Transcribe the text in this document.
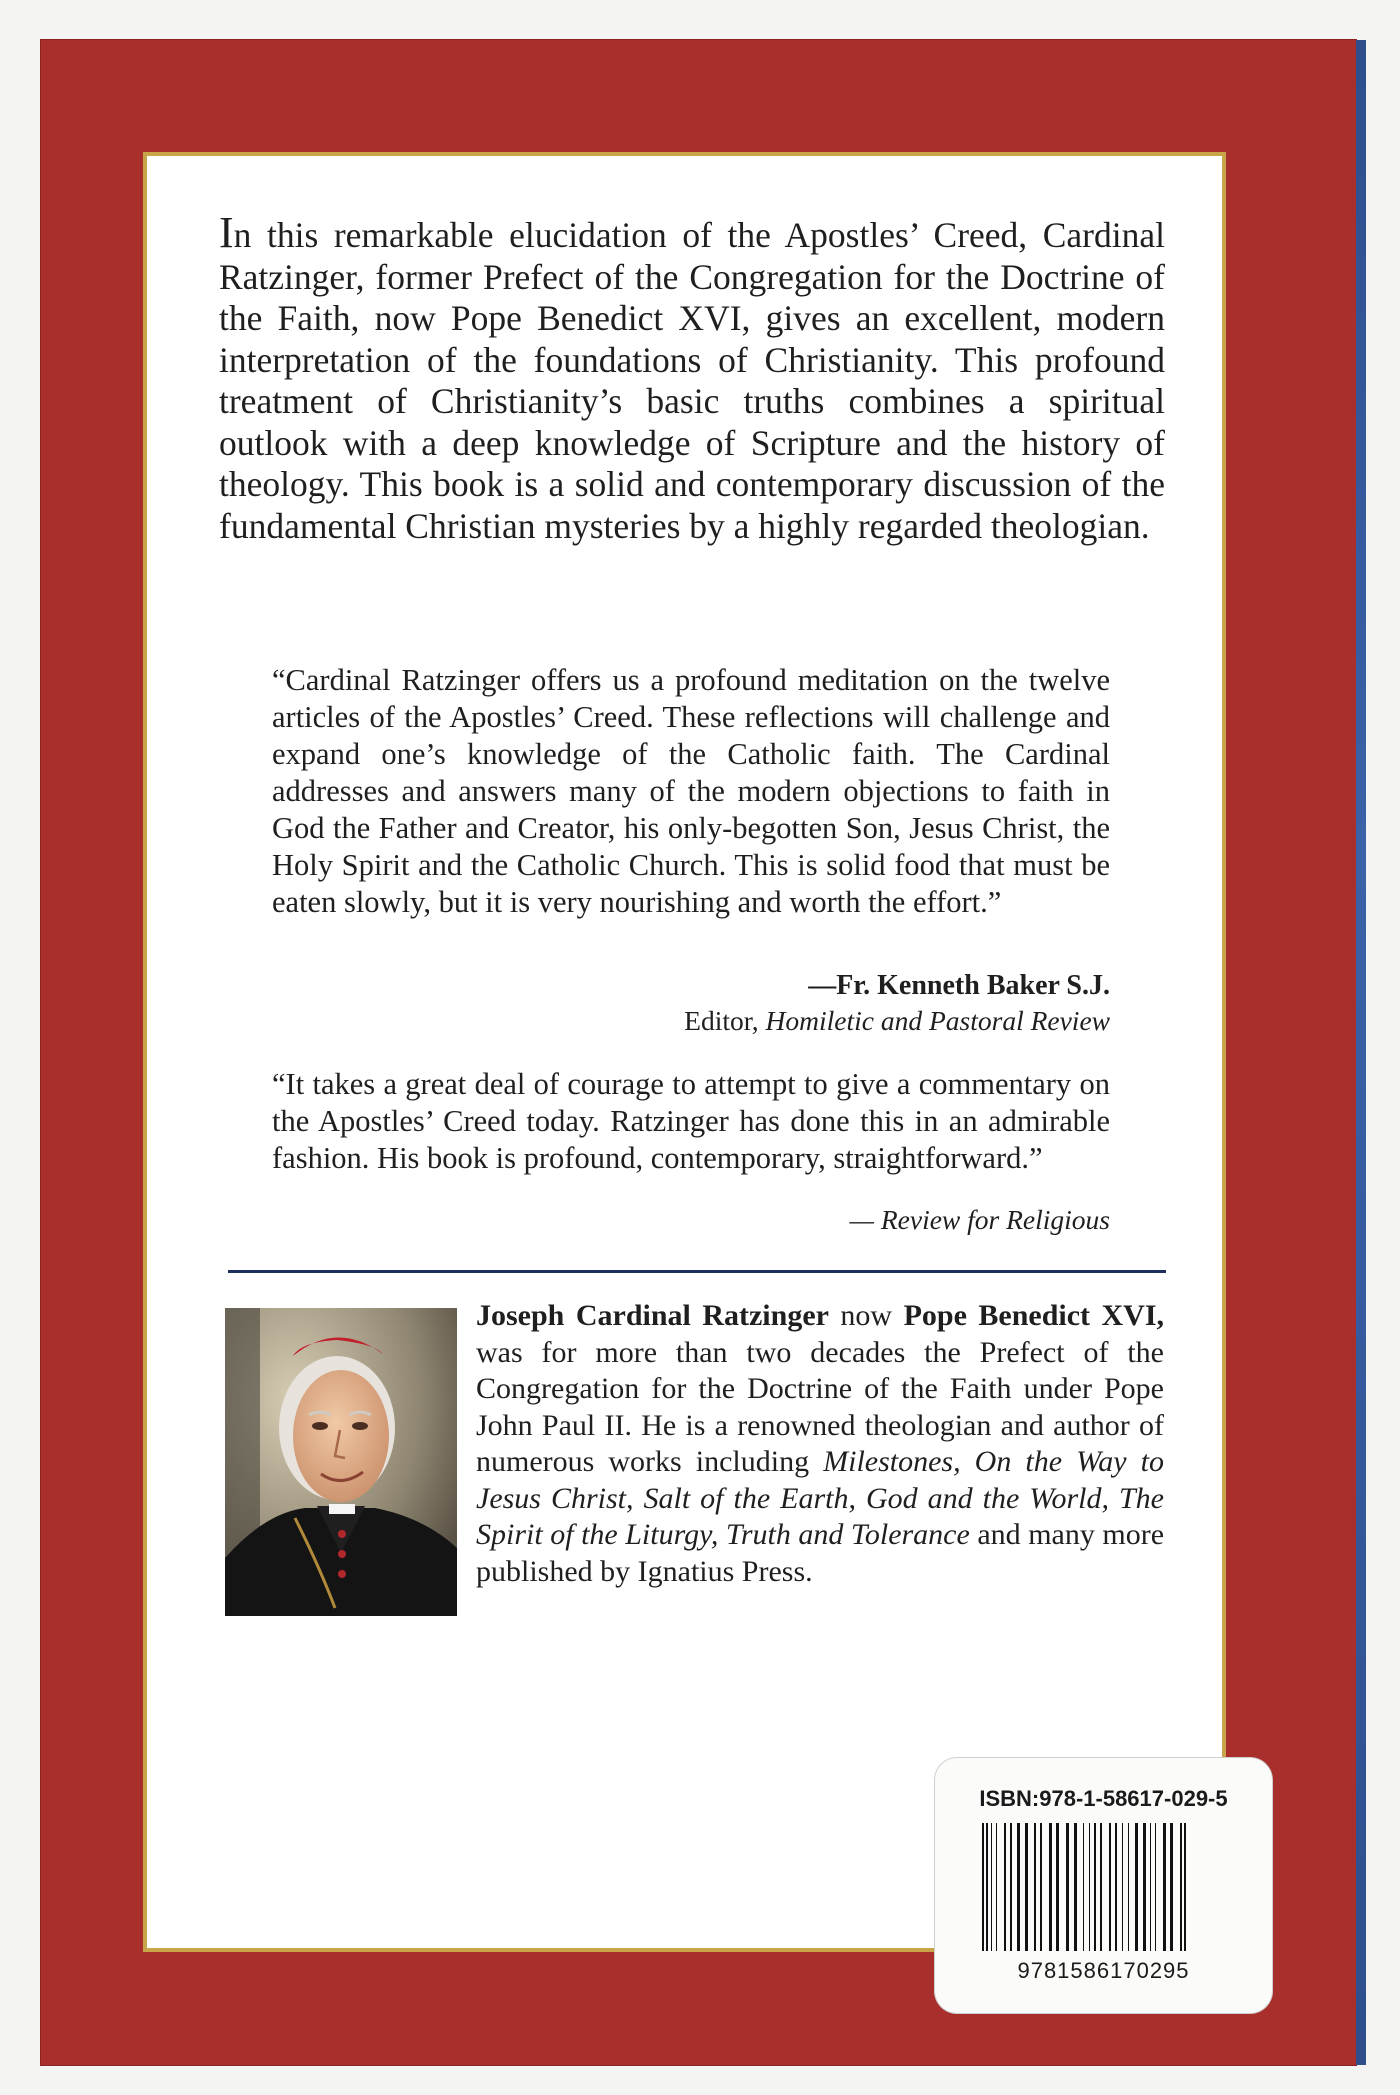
In this remarkable elucidation of the Apostles’ Creed, Cardinal Ratzinger, former Prefect of the Congregation for the Doctrine of the Faith, now Pope Benedict XVI, gives an excellent, modern interpretation of the foundations of Christianity. This profound treatment of Christianity’s basic truths combines a spiritual outlook with a deep knowledge of Scripture and the history of theology. This book is a solid and contemporary discussion of the fundamental Christian mysteries by a highly regarded theologian.

“Cardinal Ratzinger offers us a profound meditation on the twelve articles of the Apostles’ Creed. These reflections will challenge and expand one’s knowledge of the Catholic faith. The Cardinal addresses and answers many of the modern objections to faith in God the Father and Creator, his only-begotten Son, Jesus Christ, the Holy Spirit and the Catholic Church. This is solid food that must be eaten slowly, but it is very nourishing and worth the effort.”

—Fr. Kenneth Baker S.J.
Editor, Homiletic and Pastoral Review

“It takes a great deal of courage to attempt to give a commentary on the Apostles’ Creed today. Ratzinger has done this in an admirable fashion. His book is profound, contemporary, straightforward.”

— Review for Religious

Joseph Cardinal Ratzinger now Pope Benedict XVI, was for more than two decades the Prefect of the Congregation for the Doctrine of the Faith under Pope John Paul II. He is a renowned theologian and author of numerous works including Milestones, On the Way to Jesus Christ, Salt of the Earth, God and the World, The Spirit of the Liturgy, Truth and Tolerance and many more published by Ignatius Press.

ISBN:978-1-58617-029-5
9781586170295
